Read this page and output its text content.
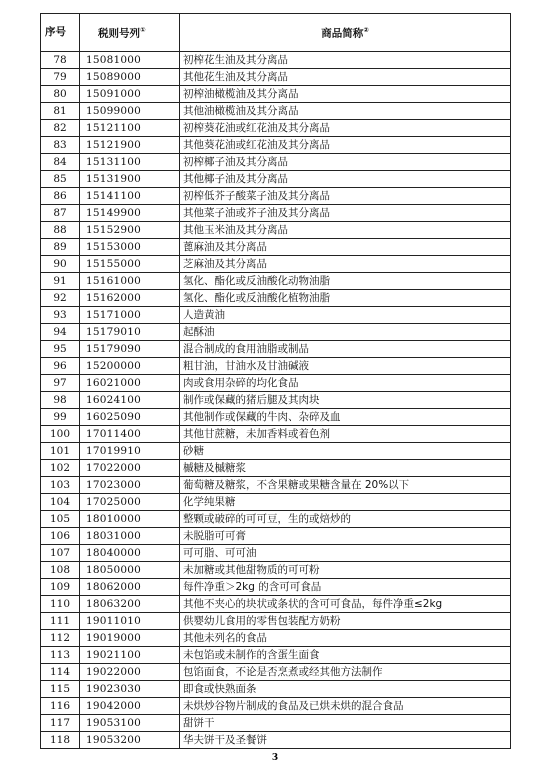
序号	税则号列①	商品简称②
78	15081000	初榨花生油及其分离品
79	15089000	其他花生油及其分离品
80	15091000	初榨油橄榄油及其分离品
81	15099000	其他油橄榄油及其分离品
82	15121100	初榨葵花油或红花油及其分离品
83	15121900	其他葵花油或红花油及其分离品
84	15131100	初榨椰子油及其分离品
85	15131900	其他椰子油及其分离品
86	15141100	初榨低芥子酸菜子油及其分离品
87	15149900	其他菜子油或芥子油及其分离品
88	15152900	其他玉米油及其分离品
89	15153000	蓖麻油及其分离品
90	15155000	芝麻油及其分离品
91	15161000	氢化、酯化或反油酸化动物油脂
92	15162000	氢化、酯化或反油酸化植物油脂
93	15171000	人造黄油
94	15179010	起酥油
95	15179090	混合制成的食用油脂或制品
96	15200000	粗甘油，甘油水及甘油碱液
97	16021000	肉或食用杂碎的均化食品
98	16024100	制作或保藏的猪后腿及其肉块
99	16025090	其他制作或保藏的牛肉、杂碎及血
100	17011400	其他甘蔗糖，未加香料或着色剂
101	17019910	砂糖
102	17022000	槭糖及槭糖浆
103	17023000	葡萄糖及糖浆，不含果糖或果糖含量在 20%以下
104	17025000	化学纯果糖
105	18010000	整颗或破碎的可可豆，生的或焙炒的
106	18031000	未脱脂可可膏
107	18040000	可可脂、可可油
108	18050000	未加糖或其他甜物质的可可粉
109	18062000	每件净重＞2kg 的含可可食品
110	18063200	其他不夹心的块状或条状的含可可食品，每件净重≤2kg
111	19011010	供婴幼儿食用的零售包装配方奶粉
112	19019000	其他未列名的食品
113	19021100	未包馅或未制作的含蛋生面食
114	19022000	包馅面食，不论是否烹煮或经其他方法制作
115	19023030	即食或快熟面条
116	19042000	未烘炒谷物片制成的食品及已烘未烘的混合食品
117	19053100	甜饼干
118	19053200	华夫饼干及圣餐饼
3
